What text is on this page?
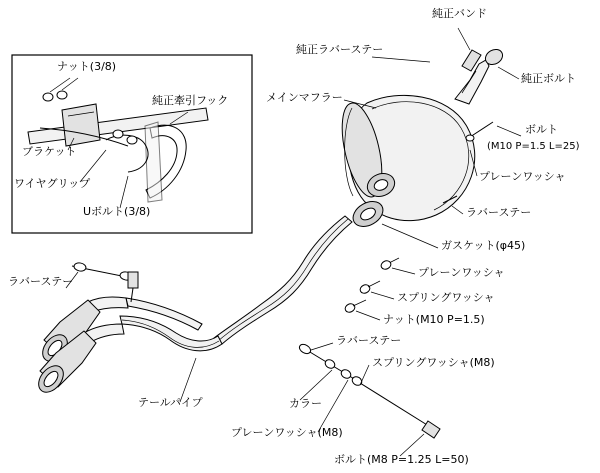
ナット(3/8)
純正牽引フック
ブラケット
ワイヤグリップ
Uボルト(3/8)
純正バンド
純正ラバーステー
純正ボルト
メインマフラー
ボルト
(M10 P=1.5 L=25)
プレーンワッシャ
ラバーステー
ガスケット(φ45)
プレーンワッシャ
スプリングワッシャ
ナット(M10 P=1.5)
ラバーステー
スプリングワッシャ(M8)
ラバーステー
テールパイプ	カラー
プレーンワッシャ(M8)
ボルト(M8 P=1.25 L=50)
